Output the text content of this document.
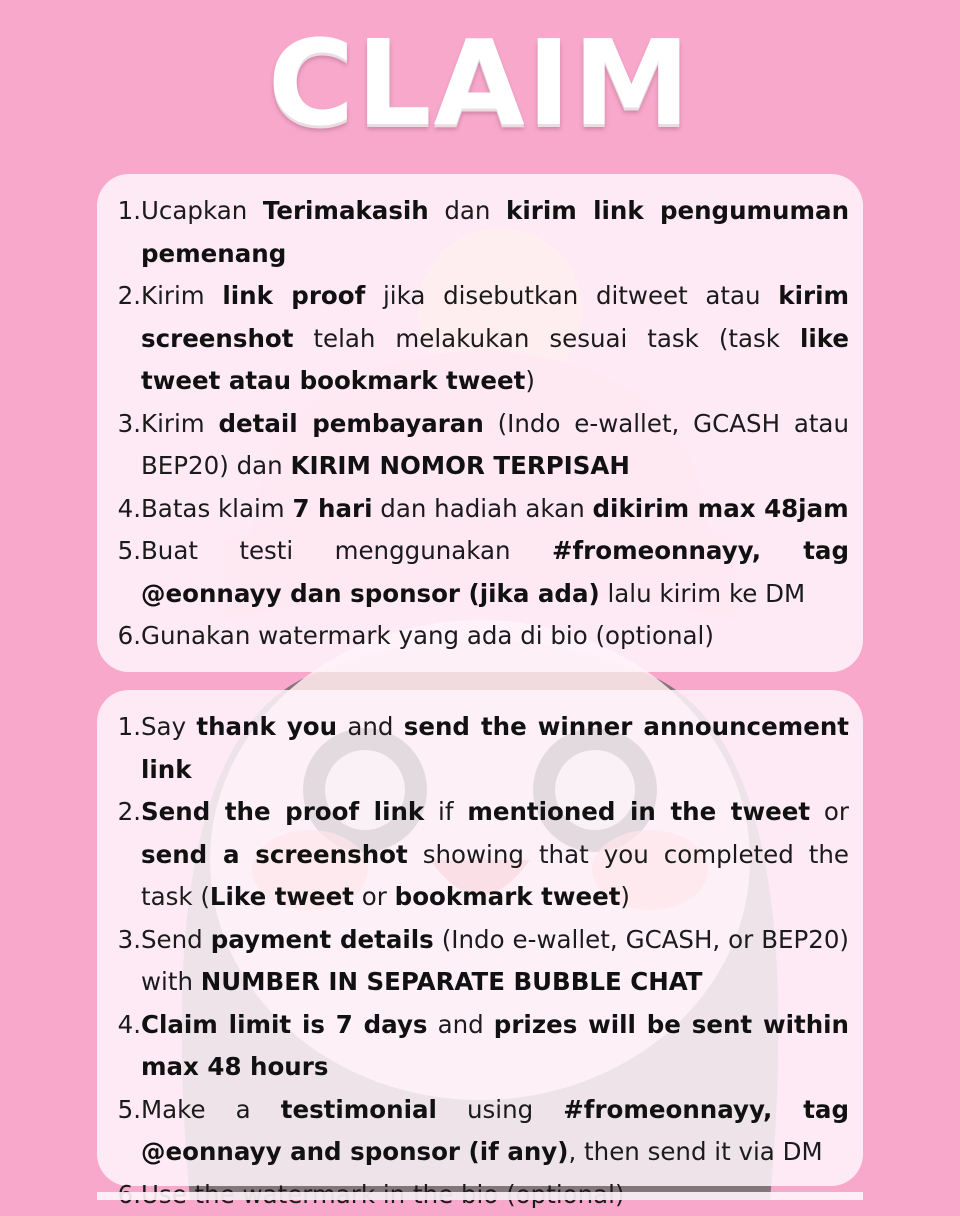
CLAIM
1. Ucapkan Terimakasih dan kirim link pengumuman pemenang
2. Kirim link proof jika disebutkan ditweet atau kirim screenshot telah melakukan sesuai task (task like tweet atau bookmark tweet)
3. Kirim detail pembayaran (Indo e-wallet, GCASH atau BEP20) dan KIRIM NOMOR TERPISAH
4. Batas klaim 7 hari dan hadiah akan dikirim max 48jam
5. Buat testi menggunakan #fromeonnayy, tag @eonnayy dan sponsor (jika ada) lalu kirim ke DM
6. Gunakan watermark yang ada di bio (optional)
1. Say thank you and send the winner announcement link
2. Send the proof link if mentioned in the tweet or send a screenshot showing that you completed the task (Like tweet or bookmark tweet)
3. Send payment details (Indo e-wallet, GCASH, or BEP20) with NUMBER IN SEPARATE BUBBLE CHAT
4. Claim limit is 7 days and prizes will be sent within max 48 hours
5. Make a testimonial using #fromeonnayy, tag @eonnayy and sponsor (if any), then send it via DM
